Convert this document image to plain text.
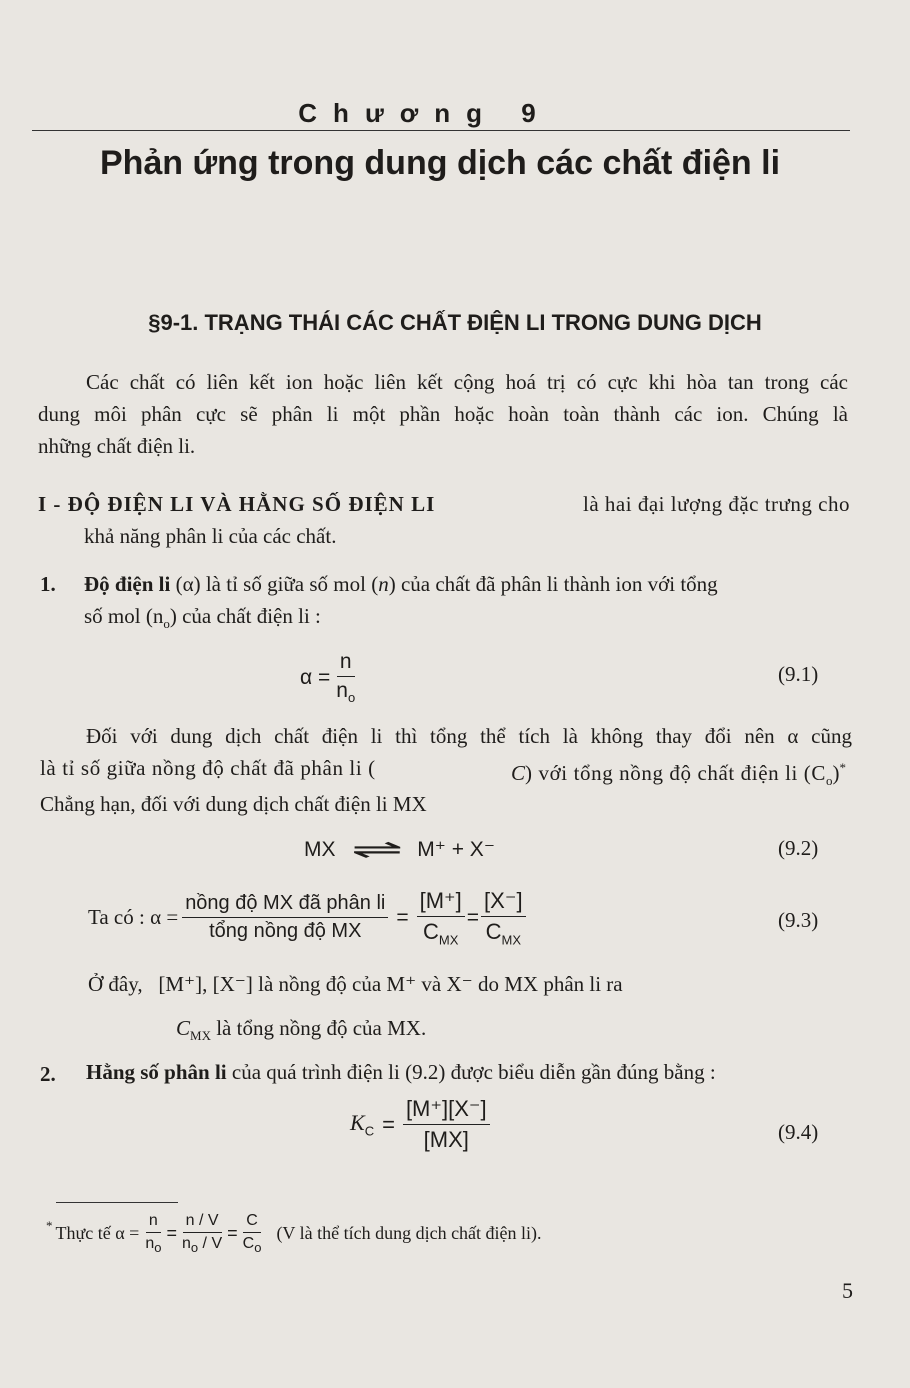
Chương 9
Phản ứng trong dung dịch các chất điện li
§9-1. TRẠNG THÁI CÁC CHẤT ĐIỆN LI TRONG DUNG DỊCH
Các chất có liên kết ion hoặc liên kết cộng hoá trị có cực khi hòa tan trong các
dung môi phân cực sẽ phân li một phần hoặc hoàn toàn thành các ion. Chúng là
những chất điện li.
I - ĐỘ ĐIỆN LI VÀ HẰNG SỐ ĐIỆN LI	là hai đại lượng đặc trưng cho
khả năng phân li của các chất.
1. Độ điện li (α) là tỉ số giữa số mol (n) của chất đã phân li thành ion với tổng
số mol $(n_o)$ của chất điện li :
$\alpha = \frac{n}{n_o}$	(9.1)
Đối với dung dịch chất điện li thì tổng thể tích là không thay đổi nên α cũng
là tỉ số giữa nồng độ chất đã phân li (	C) với tổng nồng độ chất điện li $(C_o)^*$
Chẳng hạn, đối với dung dịch chất điện li MX
MX ⇌ M⁺ + X⁻	(9.2)
Ta có : $\alpha = \frac{\text{nồng độ MX đã phân li}}{\text{tổng nồng độ MX}} = \frac{[M^+]}{C_{MX}} = \frac{[X^-]}{C_{MX}}$	(9.3)
Ở đây, [M⁺], [X⁻] là nồng độ của M⁺ và X⁻ do MX phân li ra
$C_{MX}$ là tổng nồng độ của MX.
2. Hằng số phân li của quá trình điện li (9.2) được biểu diễn gần đúng bằng :
$K_C = \frac{[M^+][X^-]}{[MX]}$	(9.4)
* Thực tế $\alpha = \frac{n}{n_o} = \frac{n / V}{n_o / V} = \frac{C}{C_o} (V$ là thể tích dung dịch chất điện li).
5
